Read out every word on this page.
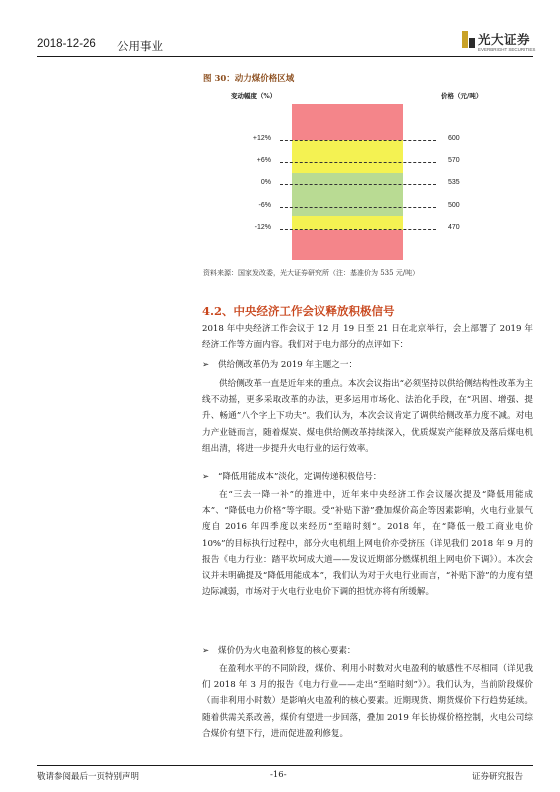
2018-12-26 公用事业	光大证券
EVERBRIGHT SECURITIES
图 30：动力煤价格区域
变动幅度（%）	价格（元/吨）
+12%
+6%
0%
-6%
-12%
600
570
535
500
470
资料来源：国家发改委，光大证券研究所（注：基准价为 535 元/吨）
4.2、中央经济工作会议释放积极信号

2018 年中央经济工作会议于 12 月 19 日至 21 日在北京举行，会上部署了 2019 年经济工作等方面内容。我们对于电力部分的点评如下：

➢ 供给侧改革仍为 2019 年主题之一：

供给侧改革一直是近年来的重点。本次会议指出“必须坚持以供给侧结构性改革为主线不动摇，更多采取改革的办法，更多运用市场化、法治化手段，在“巩固、增强、提升、畅通”八个字上下功夫”。我们认为，本次会议肯定了调供给侧改革力度不减。对电力产业链而言，随着煤炭、煤电供给侧改革持续深入，优质煤炭产能释放及落后煤电机组出清，将进一步提升火电行业的运行效率。

➢ “降低用能成本”淡化，定调传递积极信号：

在“三去一降一补”的推进中，近年来中央经济工作会议屡次提及“降低用能成本”、“降低电力价格”等字眼。受“补贴下游”叠加煤价高企等因素影响，火电行业景气度自 2016 年四季度以来经历“至暗时刻”。2018 年，在“降低一般工商业电价 10%”的目标执行过程中，部分火电机组上网电价亦受挤压（详见我们 2018 年 9 月的报告《电力行业：踏平坎坷成大道——发议近期部分燃煤机组上网电价下调》）。本次会议并未明确提及“降低用能成本”，我们认为对于火电行业而言，“补贴下游”的力度有望边际减弱，市场对于火电行业电价下调的担忧亦将有所缓解。

➢ 煤价仍为火电盈利修复的核心要素：

在盈利水平的不同阶段，煤价、利用小时数对火电盈利的敏感性不尽相同（详见我们 2018 年 3 月的报告《电力行业——走出“至暗时刻”》）。我们认为，当前阶段煤价（而非利用小时数）是影响火电盈利的核心要素。近期现货、期货煤价下行趋势延续。随着供需关系改善，煤价有望进一步回落，叠加 2019 年长协煤价格控制，火电公司综合煤价有望下行，进而促进盈利修复。

敬请参阅最后一页特别声明	-16-	证券研究报告
